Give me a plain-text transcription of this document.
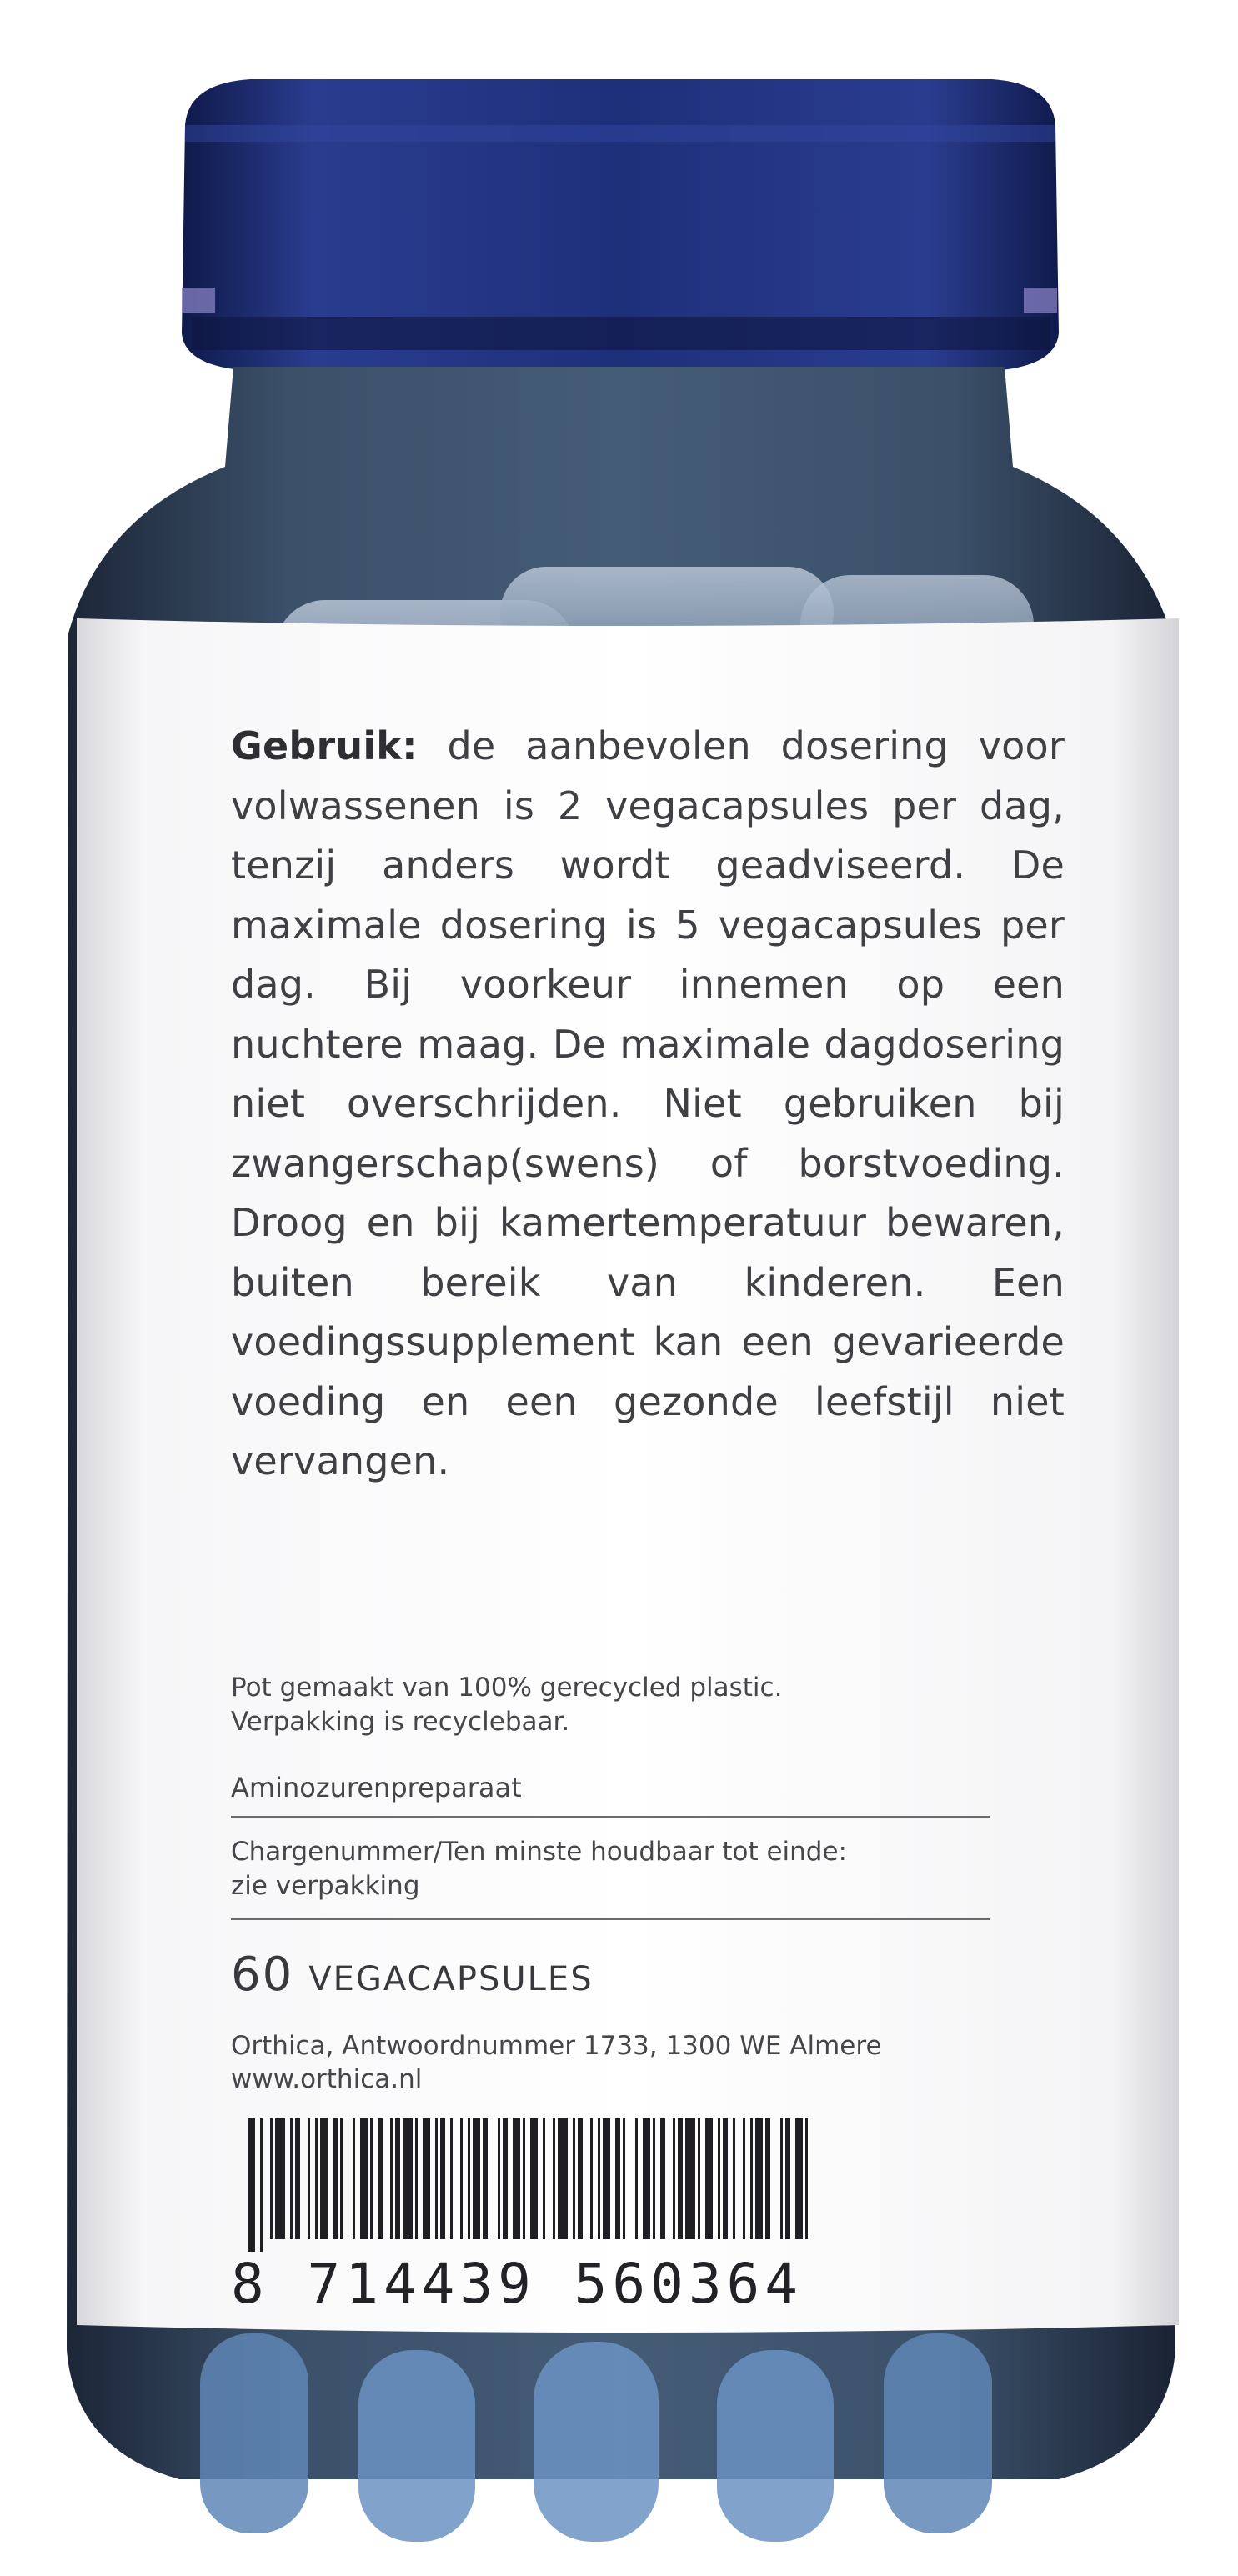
Gebruik: de aanbevolen dosering voor volwassenen is 2 vegacapsules per dag, tenzij anders wordt geadviseerd. De maximale dosering is 5 vegacapsules per dag. Bij voorkeur innemen op een nuchtere maag. De maximale dagdosering niet overschrijden. Niet gebruiken bij zwangerschap(swens) of borstvoeding. Droog en bij kamertemperatuur bewaren, buiten bereik van kinderen. Een voedingssupplement kan een gevarieerde voeding en een gezonde leefstijl niet vervangen.
Pot gemaakt van 100% gerecycled plastic.
Verpakking is recyclebaar.
Aminozurenpreparaat
Chargenummer/Ten minste houdbaar tot einde:
zie verpakking
60 VEGACAPSULES
Orthica, Antwoordnummer 1733, 1300 WE Almere
www.orthica.nl
8 714439 560364
